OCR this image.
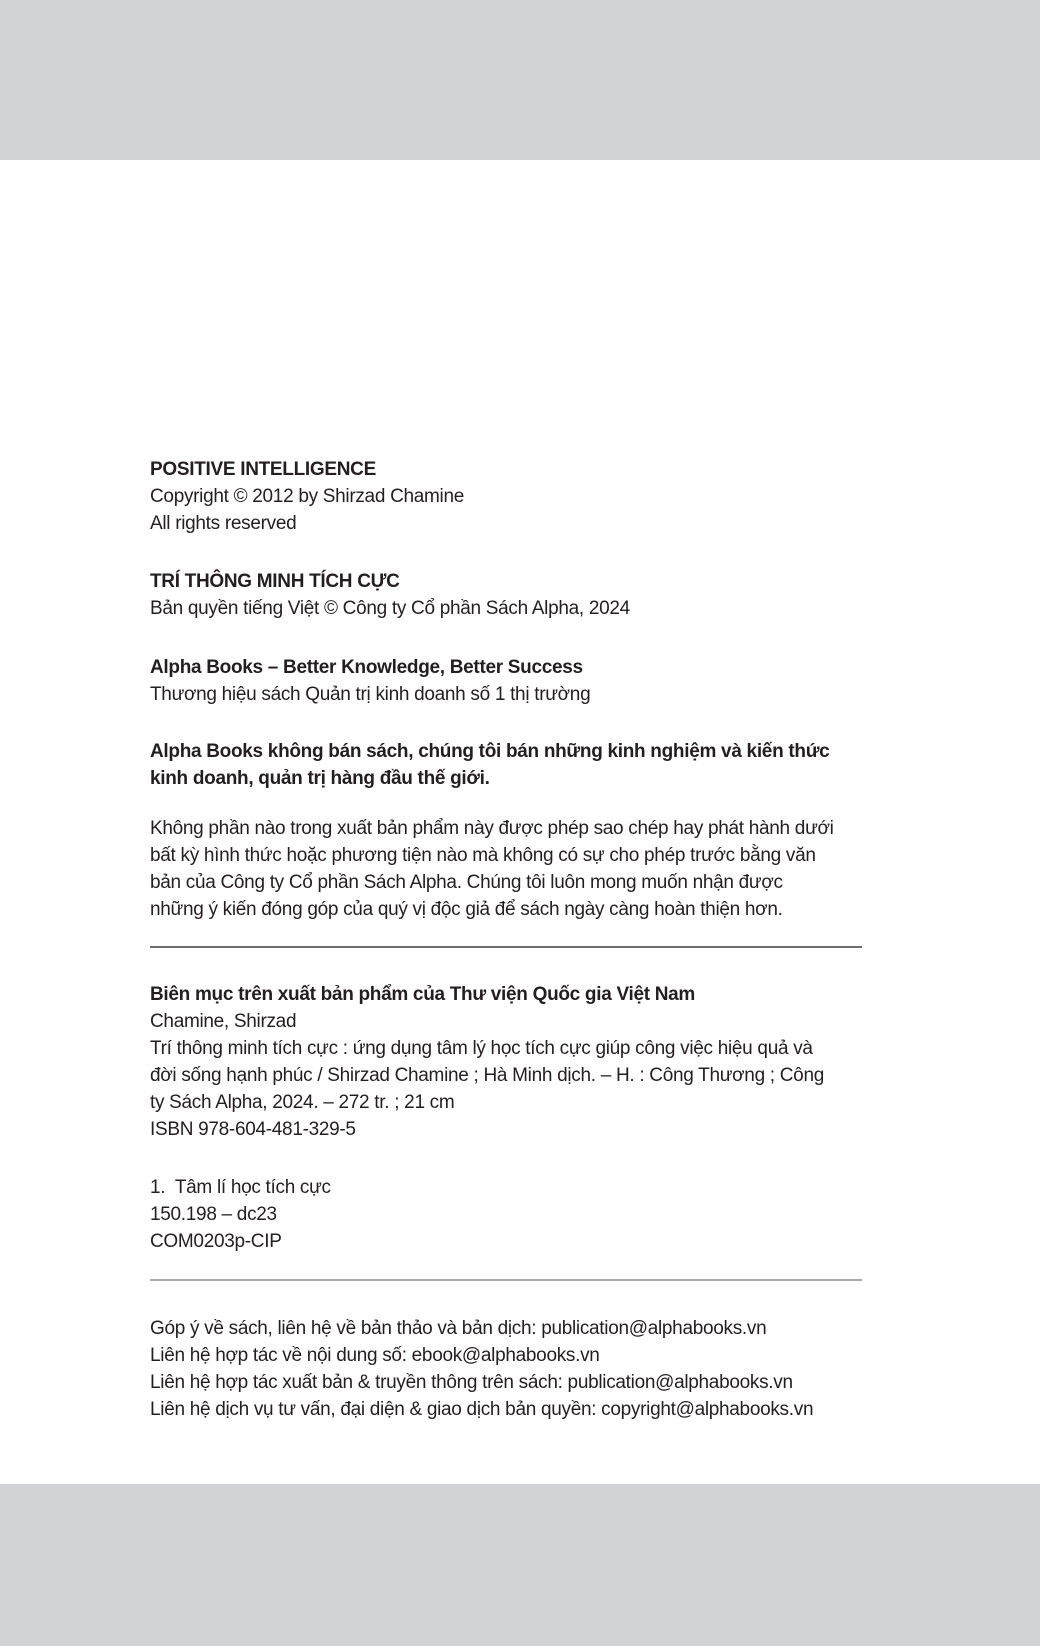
POSITIVE INTELLIGENCE

Copyright © 2012 by Shirzad Chamine

All rights reserved

TRÍ THÔNG MINH TÍCH CỰC

Bản quyền tiếng Việt © Công ty Cổ phần Sách Alpha, 2024

Alpha Books – Better Knowledge, Better Success

Thương hiệu sách Quản trị kinh doanh số 1 thị trường

Alpha Books không bán sách, chúng tôi bán những kinh nghiệm và kiến thức kinh doanh, quản trị hàng đầu thế giới.

Không phần nào trong xuất bản phẩm này được phép sao chép hay phát hành dưới bất kỳ hình thức hoặc phương tiện nào mà không có sự cho phép trước bằng văn bản của Công ty Cổ phần Sách Alpha. Chúng tôi luôn mong muốn nhận được những ý kiến đóng góp của quý vị độc giả để sách ngày càng hoàn thiện hơn.

Biên mục trên xuất bản phẩm của Thư viện Quốc gia Việt Nam

Chamine, Shirzad

Trí thông minh tích cực : ứng dụng tâm lý học tích cực giúp công việc hiệu quả và đời sống hạnh phúc / Shirzad Chamine ; Hà Minh dịch. – H. : Công Thương ; Công ty Sách Alpha, 2024. – 272 tr. ; 21 cm

ISBN 978-604-481-329-5

1.  Tâm lí học tích cực

150.198 – dc23

COM0203p-CIP

Góp ý về sách, liên hệ về bản thảo và bản dịch: publication@alphabooks.vn

Liên hệ hợp tác về nội dung số: ebook@alphabooks.vn

Liên hệ hợp tác xuất bản & truyền thông trên sách: publication@alphabooks.vn

Liên hệ dịch vụ tư vấn, đại diện & giao dịch bản quyền: copyright@alphabooks.vn
